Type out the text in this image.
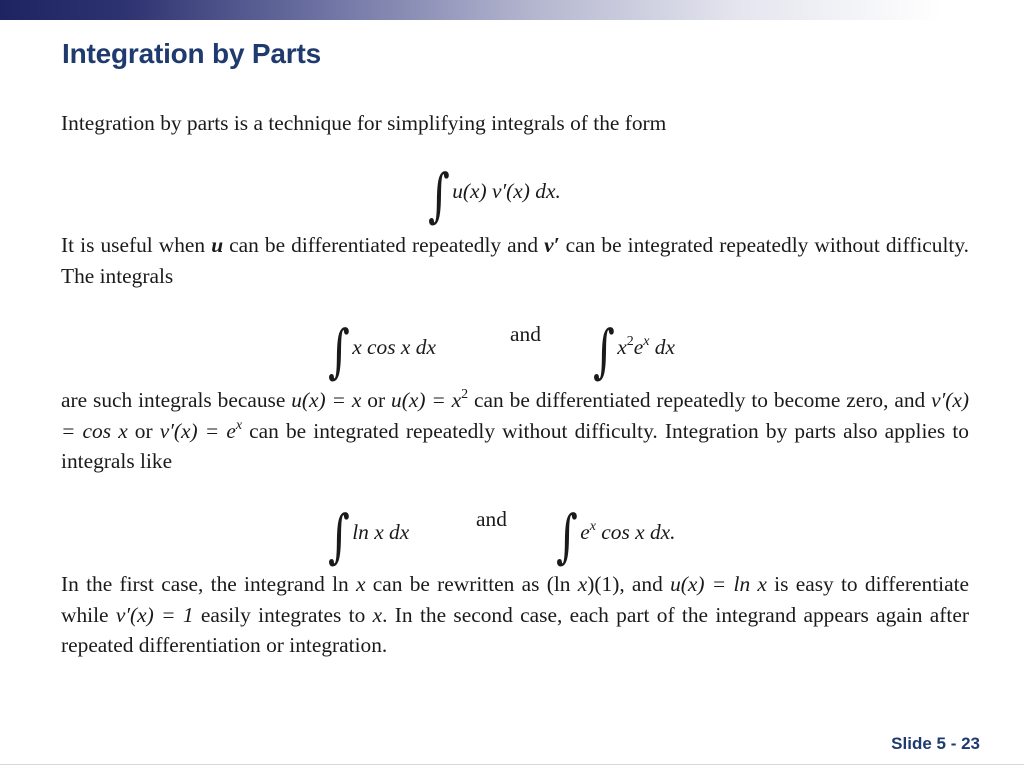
Integration by Parts
Integration by parts is a technique for simplifying integrals of the form
∫ u(x) v′(x) dx.
It is useful when u can be differentiated repeatedly and v′ can be integrated repeatedly without difficulty. The integrals
∫ x cos x dx
and ∫ $x^2e^x$ dx
are such integrals because u(x) = x or $u(x) = x^2$ can be differentiated repeatedly to become zero, and v′(x) = cos x or $v'(x) = e^x$ can be integrated repeatedly without difficulty. Integration by parts also applies to integrals like
∫ ln x dx
and ∫ $e^x$ cos x dx.
In the first case, the integrand ln x can be rewritten as (ln x)(1), and u(x) = ln x is easy to differentiate while v′(x) = 1 easily integrates to x. In the second case, each part of the integrand appears again after repeated differentiation or integration.
Slide 5 - 23
